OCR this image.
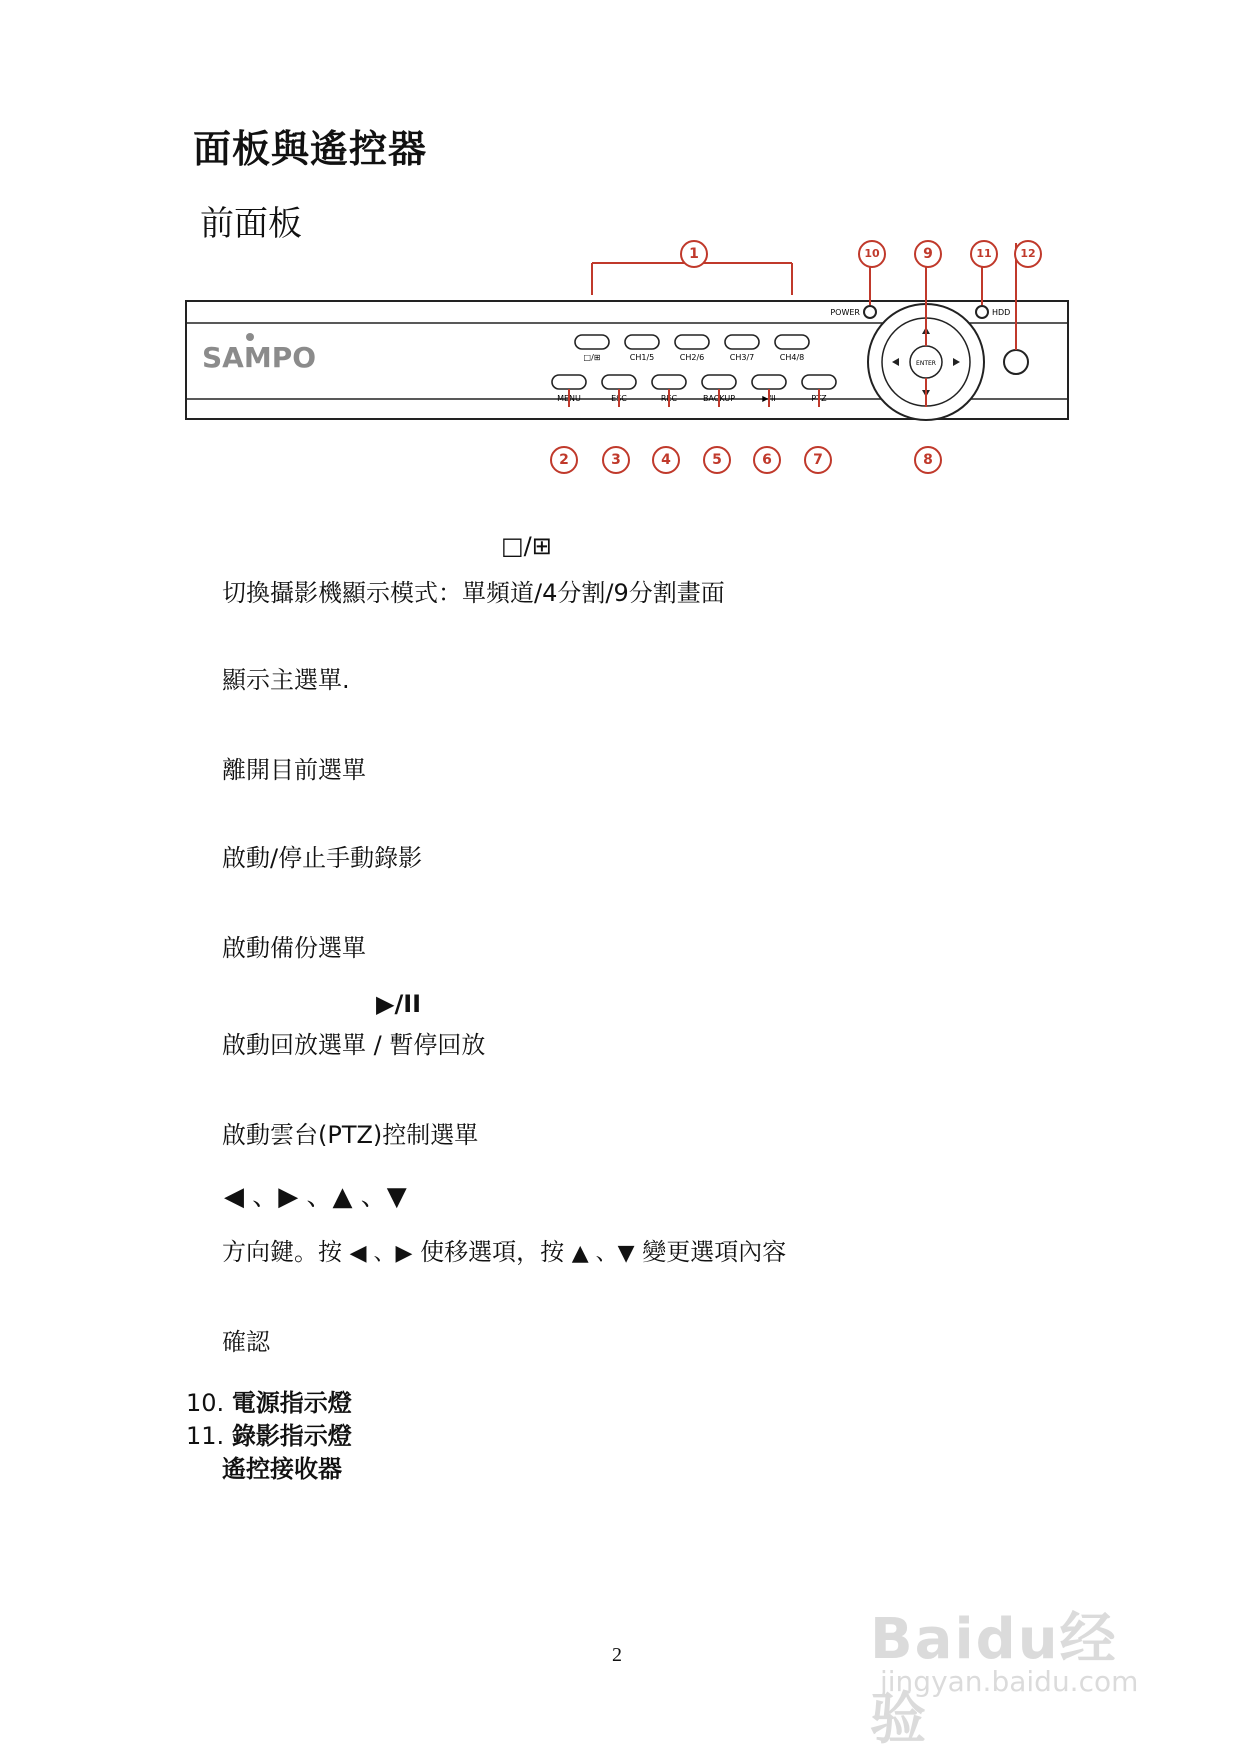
面板與遙控器
前面板
SAMPO	□/⊞	CH1/5	CH2/6	CH3/7	CH4/8
MENU	ESC	REC	BACKUP	▶/II	PTZ
POWER	HDD
ENTER
1
2	3	4	5	6	7	8
9
10	11	12
□/⊞
切換攝影機顯示模式：單頻道/4分割/9分割畫面
顯示主選單.
離開目前選單
啟動/停止手動錄影
啟動備份選單
▶/II
啟動回放選單 / 暫停回放
啟動雲台(PTZ)控制選單
◀ 、▶ 、▲ 、▼
方向鍵。按 ◀ 、▶ 使移選項，按 ▲ 、▼ 變更選項內容
確認
10. 電源指示燈
11. 錄影指示燈
遙控接收器
2	Baidu经验
jingyan.baidu.com
